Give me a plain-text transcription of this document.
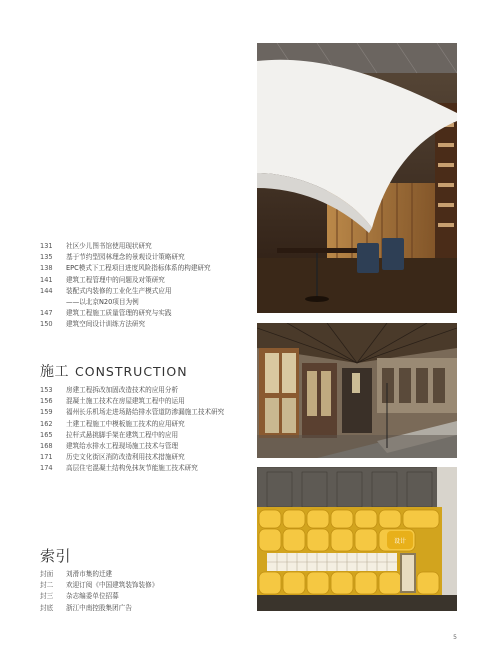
131	社区少儿图书馆使用现状研究
135	基于节约型园林理念的景观设计策略研究
138	EPC模式下工程项目进度风险指标体系的构建研究
141	建筑工程管理中的问题及对策研究
144	装配式内装修的工业化生产模式应用
——以北京N20项目为例
147	建筑工程施工质量管理的研究与实践
150	建筑空间设计训练方法研究
施工 CONSTRUCTION
153	房建工程拆改加固改造技术的应用分析
156	混凝土施工技术在房屋建筑工程中的运用
159	福州长乐机场走进场路给排水管道防渗漏施工技术研究
162	土建工程施工中模板施工技术的应用研究
165	拉杆式悬挑脚手架在建筑工程中的应用
168	建筑给水排水工程现场施工技术与管理
171	历史文化街区消防改造利用技术措施研究
174	高层住宅混凝土结构免抹灰节能施工技术研究
索引
封面	刘滑市集的迁建
封二	欢迎订阅《中国建筑装饰装修》
封三	杂志编委单位招募
封底	浙江中南控股集团广告
设计
5
